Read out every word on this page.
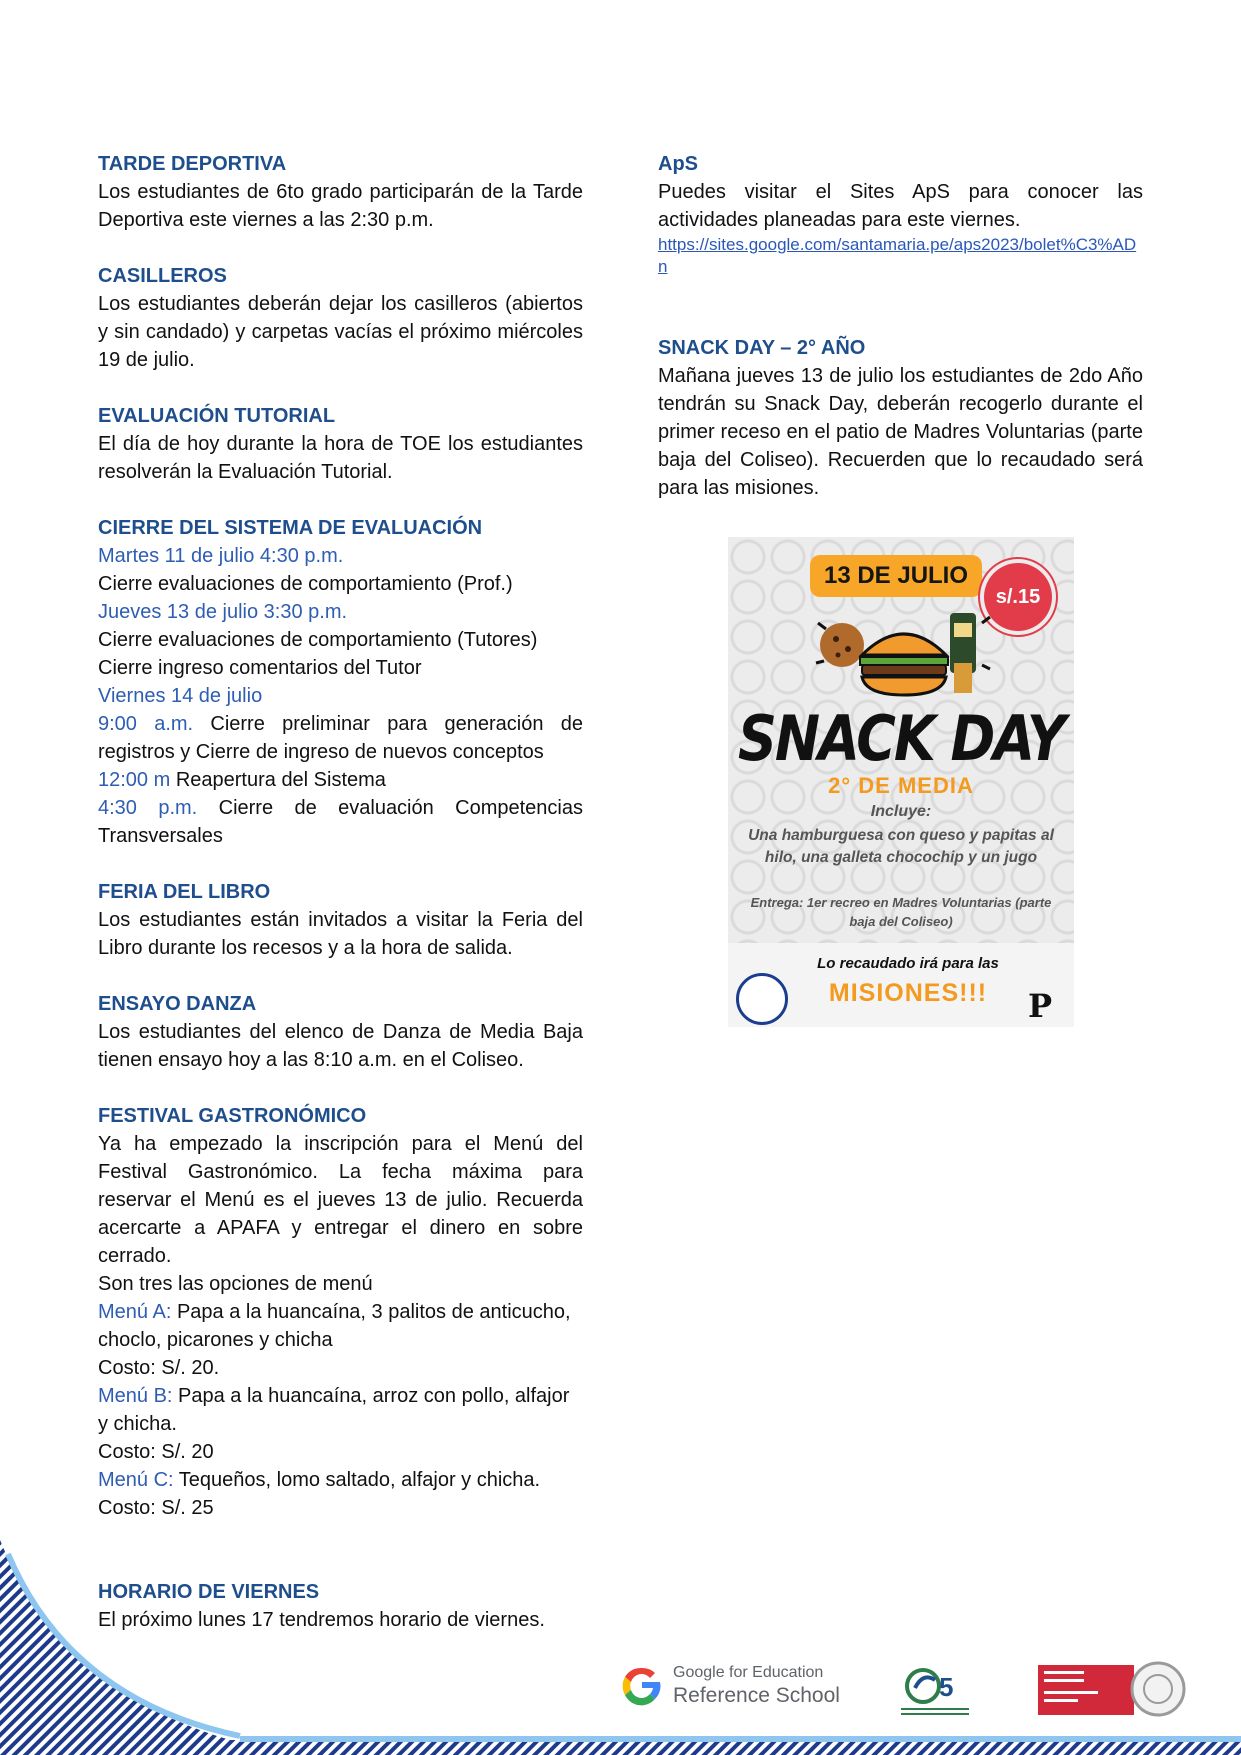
TARDE DEPORTIVA
Los estudiantes de 6to grado participarán de la Tarde Deportiva este viernes a las 2:30 p.m.
CASILLEROS
Los estudiantes deberán dejar los casilleros (abiertos y sin candado) y carpetas vacías el próximo miércoles 19 de julio.
EVALUACIÓN TUTORIAL
El día de hoy durante la hora de TOE los estudiantes resolverán la Evaluación Tutorial.
CIERRE DEL SISTEMA DE EVALUACIÓN
Martes 11 de julio 4:30 p.m.
Cierre evaluaciones de comportamiento (Prof.)
Jueves 13 de julio 3:30 p.m.
Cierre evaluaciones de comportamiento (Tutores)
Cierre ingreso comentarios del Tutor
Viernes 14 de julio
9:00 a.m. Cierre preliminar para generación de registros y Cierre de ingreso de nuevos conceptos
12:00 m Reapertura del Sistema
4:30 p.m. Cierre de evaluación Competencias Transversales
FERIA DEL LIBRO
Los estudiantes están invitados a visitar la Feria del Libro durante los recesos y a la hora de salida.
ENSAYO DANZA
Los estudiantes del elenco de Danza de Media Baja tienen ensayo hoy a las 8:10 a.m. en el Coliseo.
FESTIVAL GASTRONÓMICO
Ya ha empezado la inscripción para el Menú del Festival Gastronómico. La fecha máxima para reservar el Menú es el jueves 13 de julio. Recuerda acercarte a APAFA y entregar el dinero en sobre cerrado.
Son tres las opciones de menú
Menú A: Papa a la huancaína, 3 palitos de anticucho, choclo, picarones y chicha
Costo: S/. 20.
Menú B: Papa a la huancaína, arroz con pollo, alfajor y chicha.
Costo: S/. 20
Menú C: Tequeños, lomo saltado, alfajor y chicha.
Costo: S/. 25
HORARIO DE VIERNES
El próximo lunes 17 tendremos horario de viernes.
ApS
Puedes visitar el Sites ApS para conocer las actividades planeadas para este viernes.
https://sites.google.com/santamaria.pe/aps2023/bolet%C3%ADn
SNACK DAY – 2° AÑO
Mañana jueves 13 de julio los estudiantes de 2do Año tendrán su Snack Day, deberán recogerlo durante el primer receso en el patio de Madres Voluntarias (parte baja del Coliseo). Recuerden que lo recaudado será para las misiones.
13 DE JULIO
s/.15
SNACK DAY
2° DE MEDIA
Incluye:
Una hamburguesa con queso y papitas al hilo, una galleta chocochip y un jugo
Entrega: 1er recreo en Madres Voluntarias (parte baja del Coliseo)
Lo recaudado irá para las
MISIONES!!!	P
Google for Education
Reference School	5
